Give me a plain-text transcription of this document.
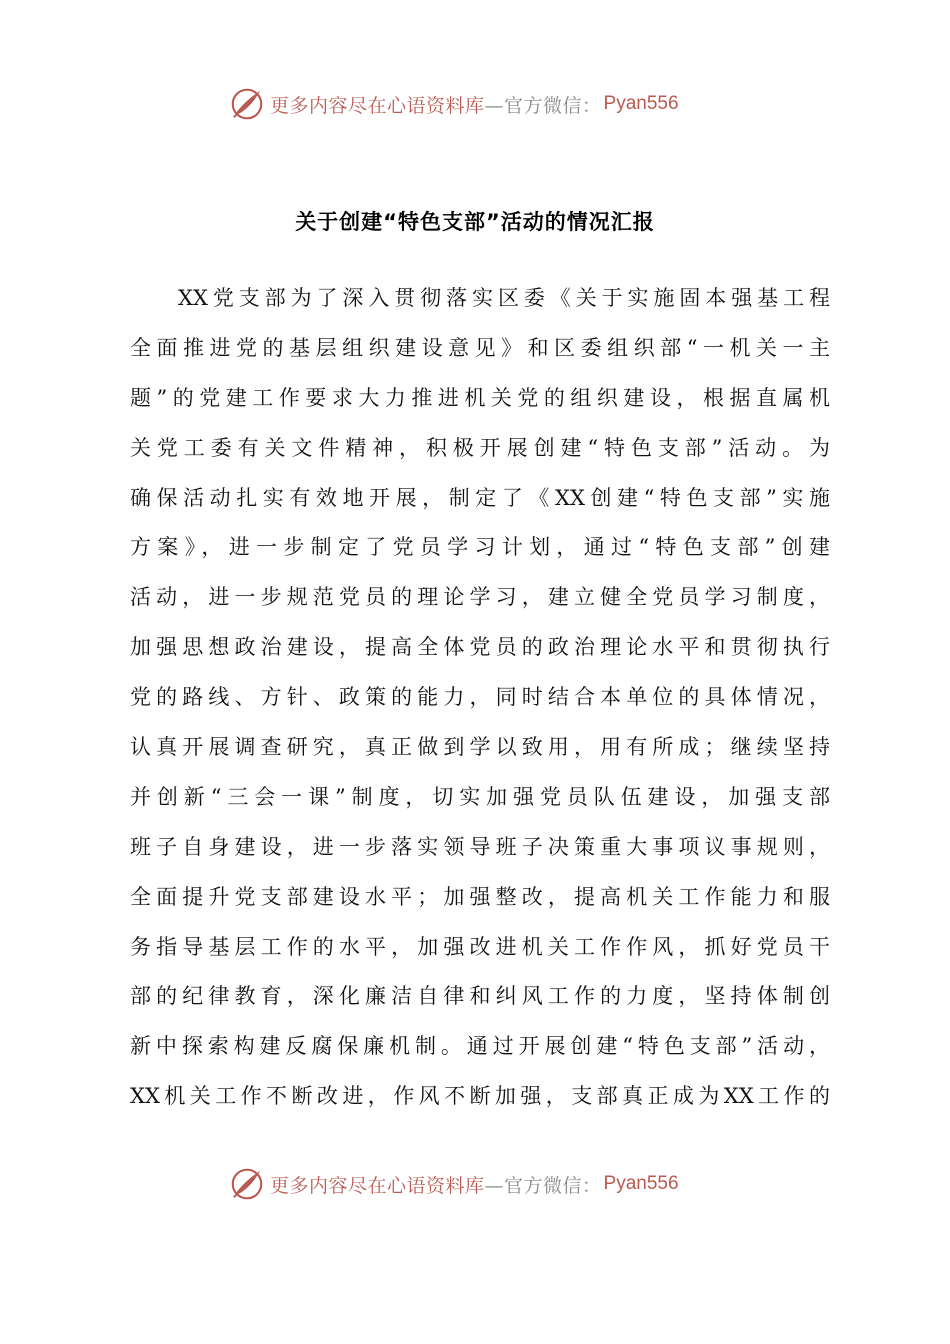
更多内容尽在心语资料库 —官方微信： Pyan556
关于创建“特色支部”活动的情况汇报
XX党支部为了深入贯彻落实区委《关于实施固本强基工程
全面推进党的基层组织建设意见》和区委组织部“一机关一主
题”的党建工作要求大力推进机关党的组织建设，根据直属机
关党工委有关文件精神，积极开展创建“特色支部”活动。为
确保活动扎实有效地开展，制定了《XX创建“特色支部”实施
方案》，进一步制定了党员学习计划，通过“特色支部”创建
活动，进一步规范党员的理论学习，建立健全党员学习制度，
加强思想政治建设，提高全体党员的政治理论水平和贯彻执行
党的路线、方针、政策的能力，同时结合本单位的具体情况，
认真开展调查研究，真正做到学以致用，用有所成；继续坚持
并创新“三会一课”制度，切实加强党员队伍建设，加强支部
班子自身建设，进一步落实领导班子决策重大事项议事规则，
全面提升党支部建设水平；加强整改，提高机关工作能力和服
务指导基层工作的水平，加强改进机关工作作风，抓好党员干
部的纪律教育，深化廉洁自律和纠风工作的力度，坚持体制创
新中探索构建反腐保廉机制。通过开展创建“特色支部”活动，
XX机关工作不断改进，作风不断加强，支部真正成为XX工作的
更多内容尽在心语资料库 —官方微信： Pyan556
